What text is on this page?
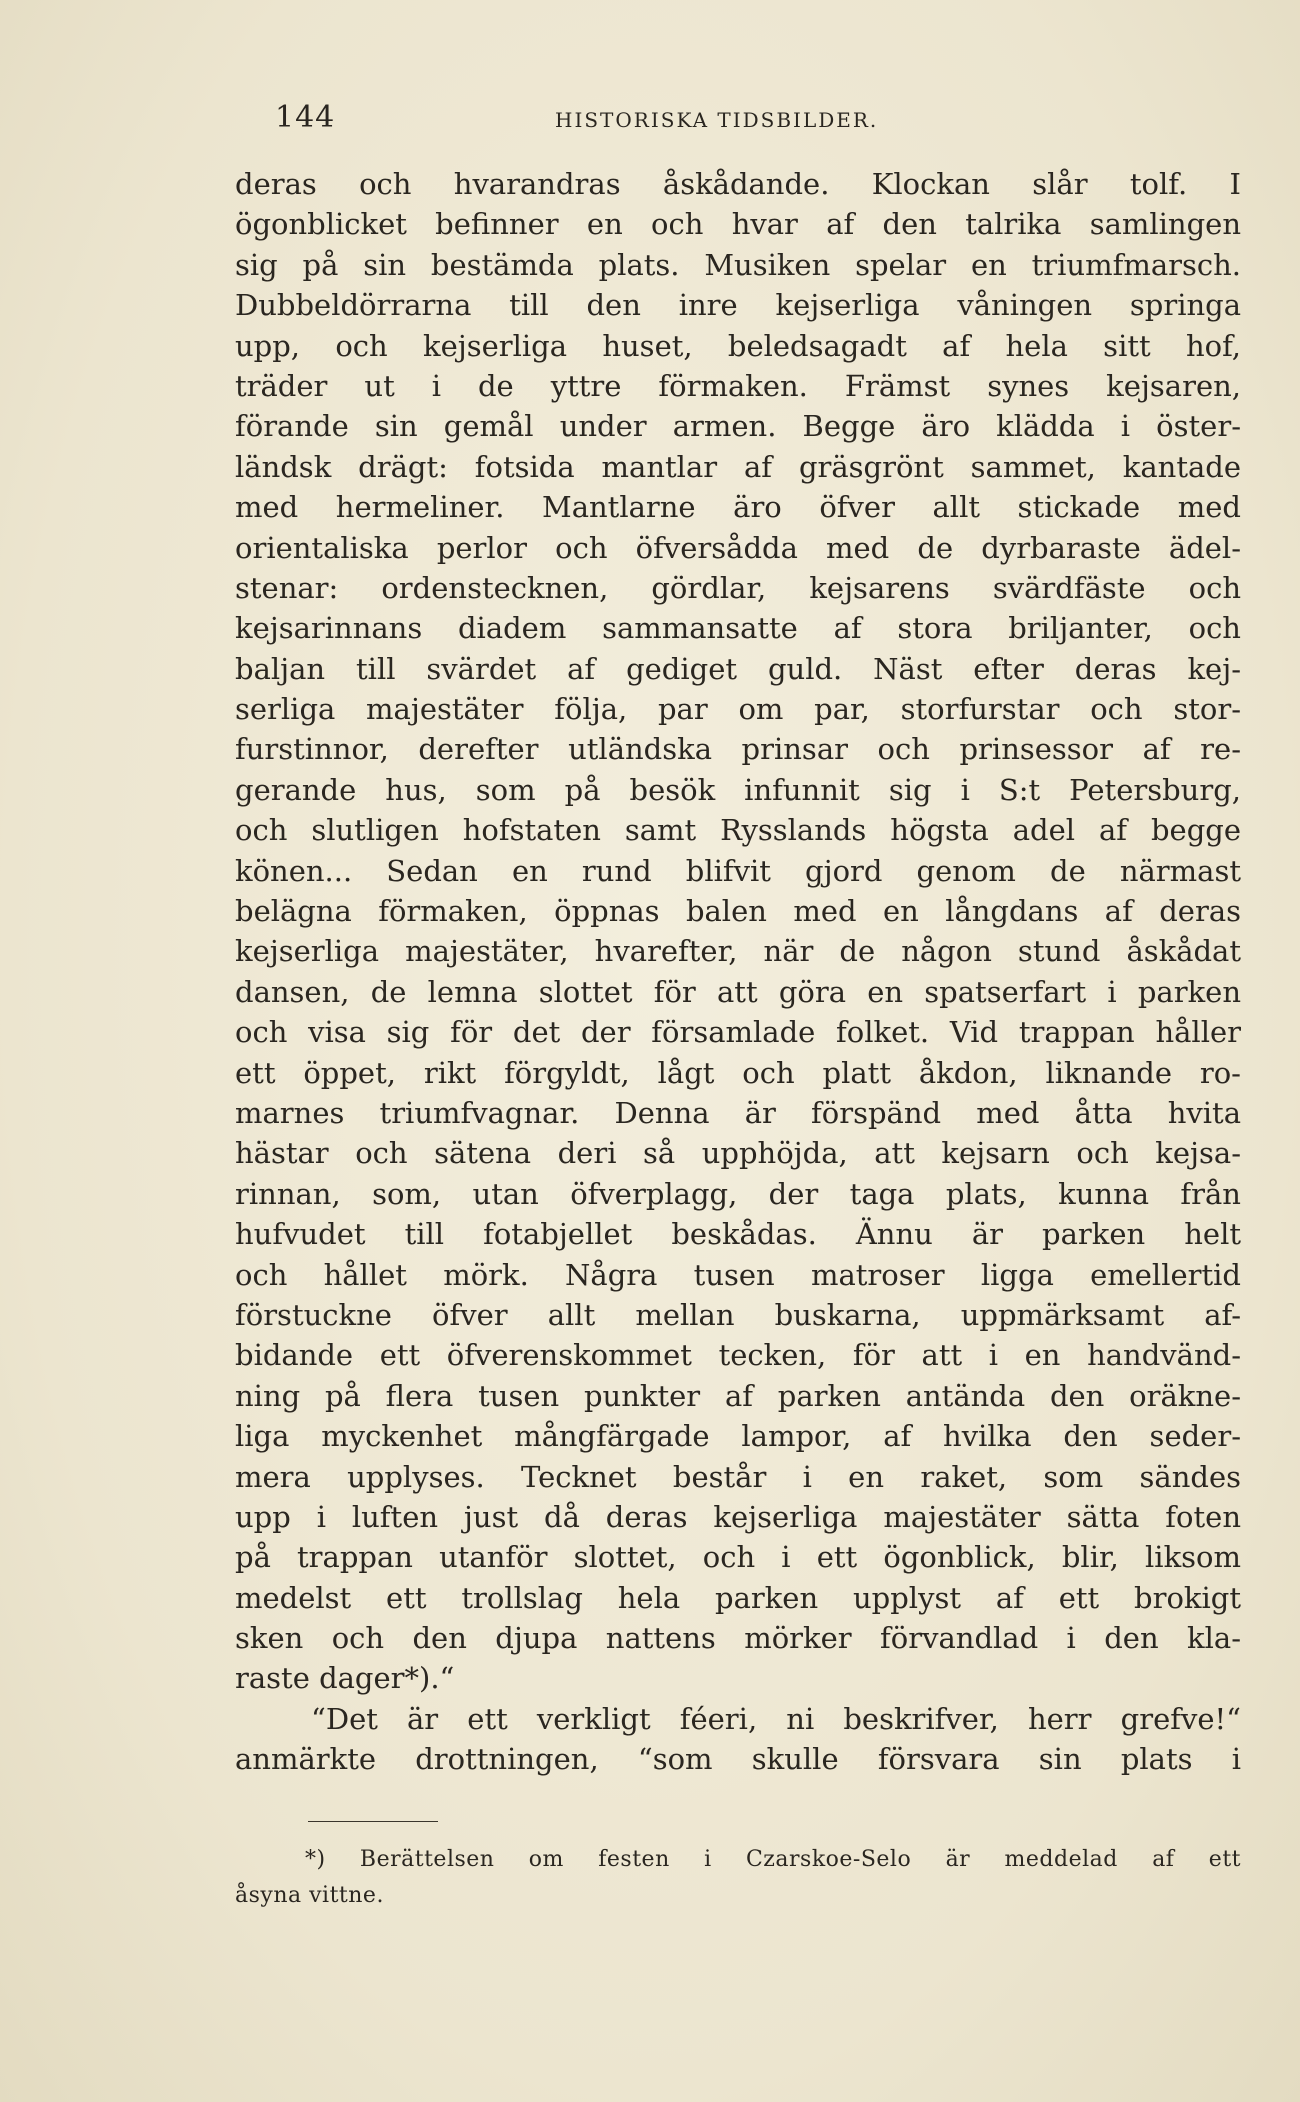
144	HISTORISKA TIDSBILDER.
deras och hvarandras åskådande. Klockan slår tolf. I
ögonblicket befinner en och hvar af den talrika samlingen
sig på sin bestämda plats. Musiken spelar en triumfmarsch.
Dubbeldörrarna till den inre kejserliga våningen springa
upp, och kejserliga huset, beledsagadt af hela sitt hof,
träder ut i de yttre förmaken. Främst synes kejsaren,
förande sin gemål under armen. Begge äro klädda i öster-
ländsk drägt: fotsida mantlar af gräsgrönt sammet, kantade
med hermeliner. Mantlarne äro öfver allt stickade med
orientaliska perlor och öfversådda med de dyrbaraste ädel-
stenar: ordenstecknen, gördlar, kejsarens svärdfäste och
kejsarinnans diadem sammansatte af stora briljanter, och
baljan till svärdet af gediget guld. Näst efter deras kej-
serliga majestäter följa, par om par, storfurstar och stor-
furstinnor, derefter utländska prinsar och prinsessor af re-
gerande hus, som på besök infunnit sig i S:t Petersburg,
och slutligen hofstaten samt Rysslands högsta adel af begge
könen... Sedan en rund blifvit gjord genom de närmast
belägna förmaken, öppnas balen med en långdans af deras
kejserliga majestäter, hvarefter, när de någon stund åskådat
dansen, de lemna slottet för att göra en spatserfart i parken
och visa sig för det der församlade folket. Vid trappan håller
ett öppet, rikt förgyldt, lågt och platt åkdon, liknande ro-
marnes triumfvagnar. Denna är förspänd med åtta hvita
hästar och sätena deri så upphöjda, att kejsarn och kejsa-
rinnan, som, utan öfverplagg, der taga plats, kunna från
hufvudet till fotabjellet beskådas. Ännu är parken helt
och hållet mörk. Några tusen matroser ligga emellertid
förstuckne öfver allt mellan buskarna, uppmärksamt af-
bidande ett öfverenskommet tecken, för att i en handvänd-
ning på flera tusen punkter af parken antända den oräkne-
liga myckenhet mångfärgade lampor, af hvilka den seder-
mera upplyses. Tecknet består i en raket, som sändes
upp i luften just då deras kejserliga majestäter sätta foten
på trappan utanför slottet, och i ett ögonblick, blir, liksom
medelst ett trollslag hela parken upplyst af ett brokigt
sken och den djupa nattens mörker förvandlad i den kla-
raste dager*).“
“Det är ett verkligt féeri, ni beskrifver, herr grefve!“
anmärkte drottningen, “som skulle försvara sin plats i
*) Berättelsen om festen i Czarskoe-Selo är meddelad af ett
åsyna vittne.
